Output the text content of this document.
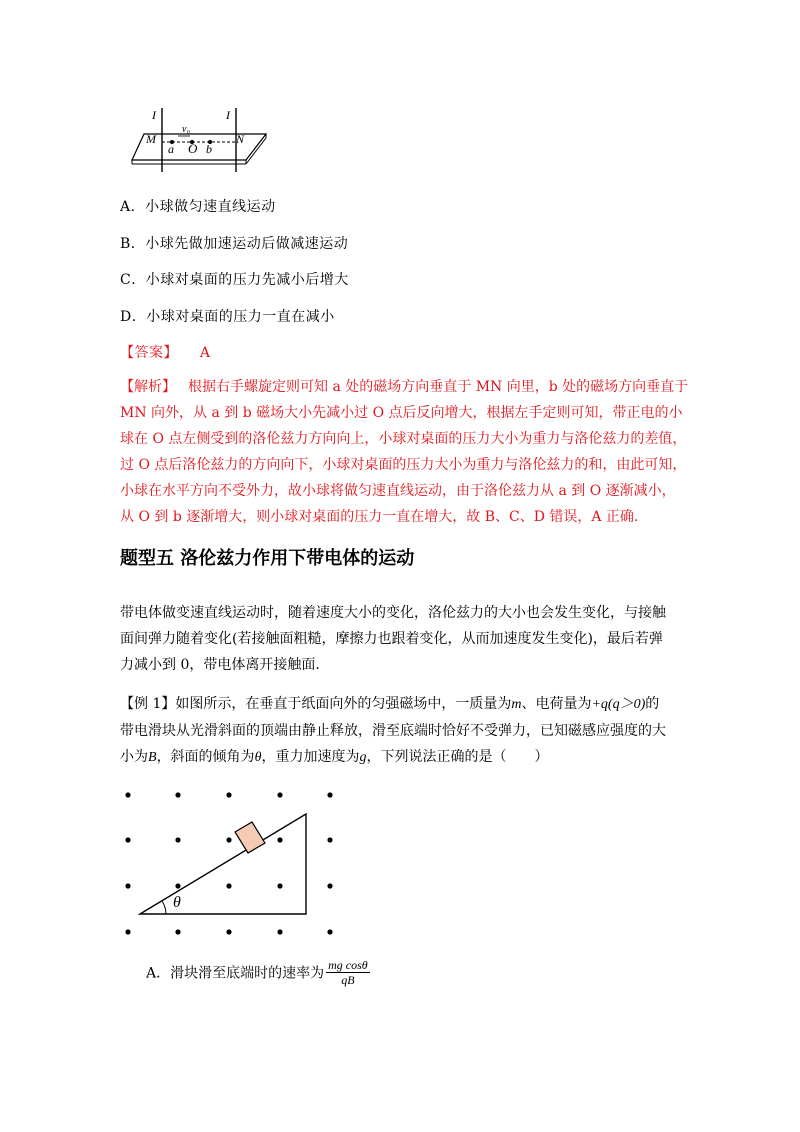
I	I
M	N
v₀
a O b
A．小球做匀速直线运动
B．小球先做加速运动后做减速运动
C．小球对桌面的压力先减小后增大
D．小球对桌面的压力一直在减小
【答案】 A
【解析】 根据右手螺旋定则可知 a 处的磁场方向垂直于 MN 向里，b 处的磁场方向垂直于
MN 向外，从 a 到 b 磁场大小先减小过 O 点后反向增大，根据左手定则可知，带正电的小
球在 O 点左侧受到的洛伦兹力方向向上，小球对桌面的压力大小为重力与洛伦兹力的差值，
过 O 点后洛伦兹力的方向向下，小球对桌面的压力大小为重力与洛伦兹力的和，由此可知，
小球在水平方向不受外力，故小球将做匀速直线运动，由于洛伦兹力从 a 到 O 逐渐减小，
从 O 到 b 逐渐增大，则小球对桌面的压力一直在增大，故 B、C、D 错误，A 正确.
题型五 洛伦兹力作用下带电体的运动
带电体做变速直线运动时，随着速度大小的变化，洛伦兹力的大小也会发生变化，与接触
面间弹力随着变化(若接触面粗糙，摩擦力也跟着变化，从而加速度发生变化)，最后若弹
力减小到 0，带电体离开接触面.
【例 1】如图所示，在垂直于纸面向外的匀强磁场中，一质量为m、电荷量为+q(q＞0)的
带电滑块从光滑斜面的顶端由静止释放，滑至底端时恰好不受弹力，已知磁感应强度的大
小为B，斜面的倾角为θ，重力加速度为g，下列说法正确的是（　　）
θ
A．滑块滑至底端时的速率为 $\frac{\text{mg cosθ}}{qB}$
